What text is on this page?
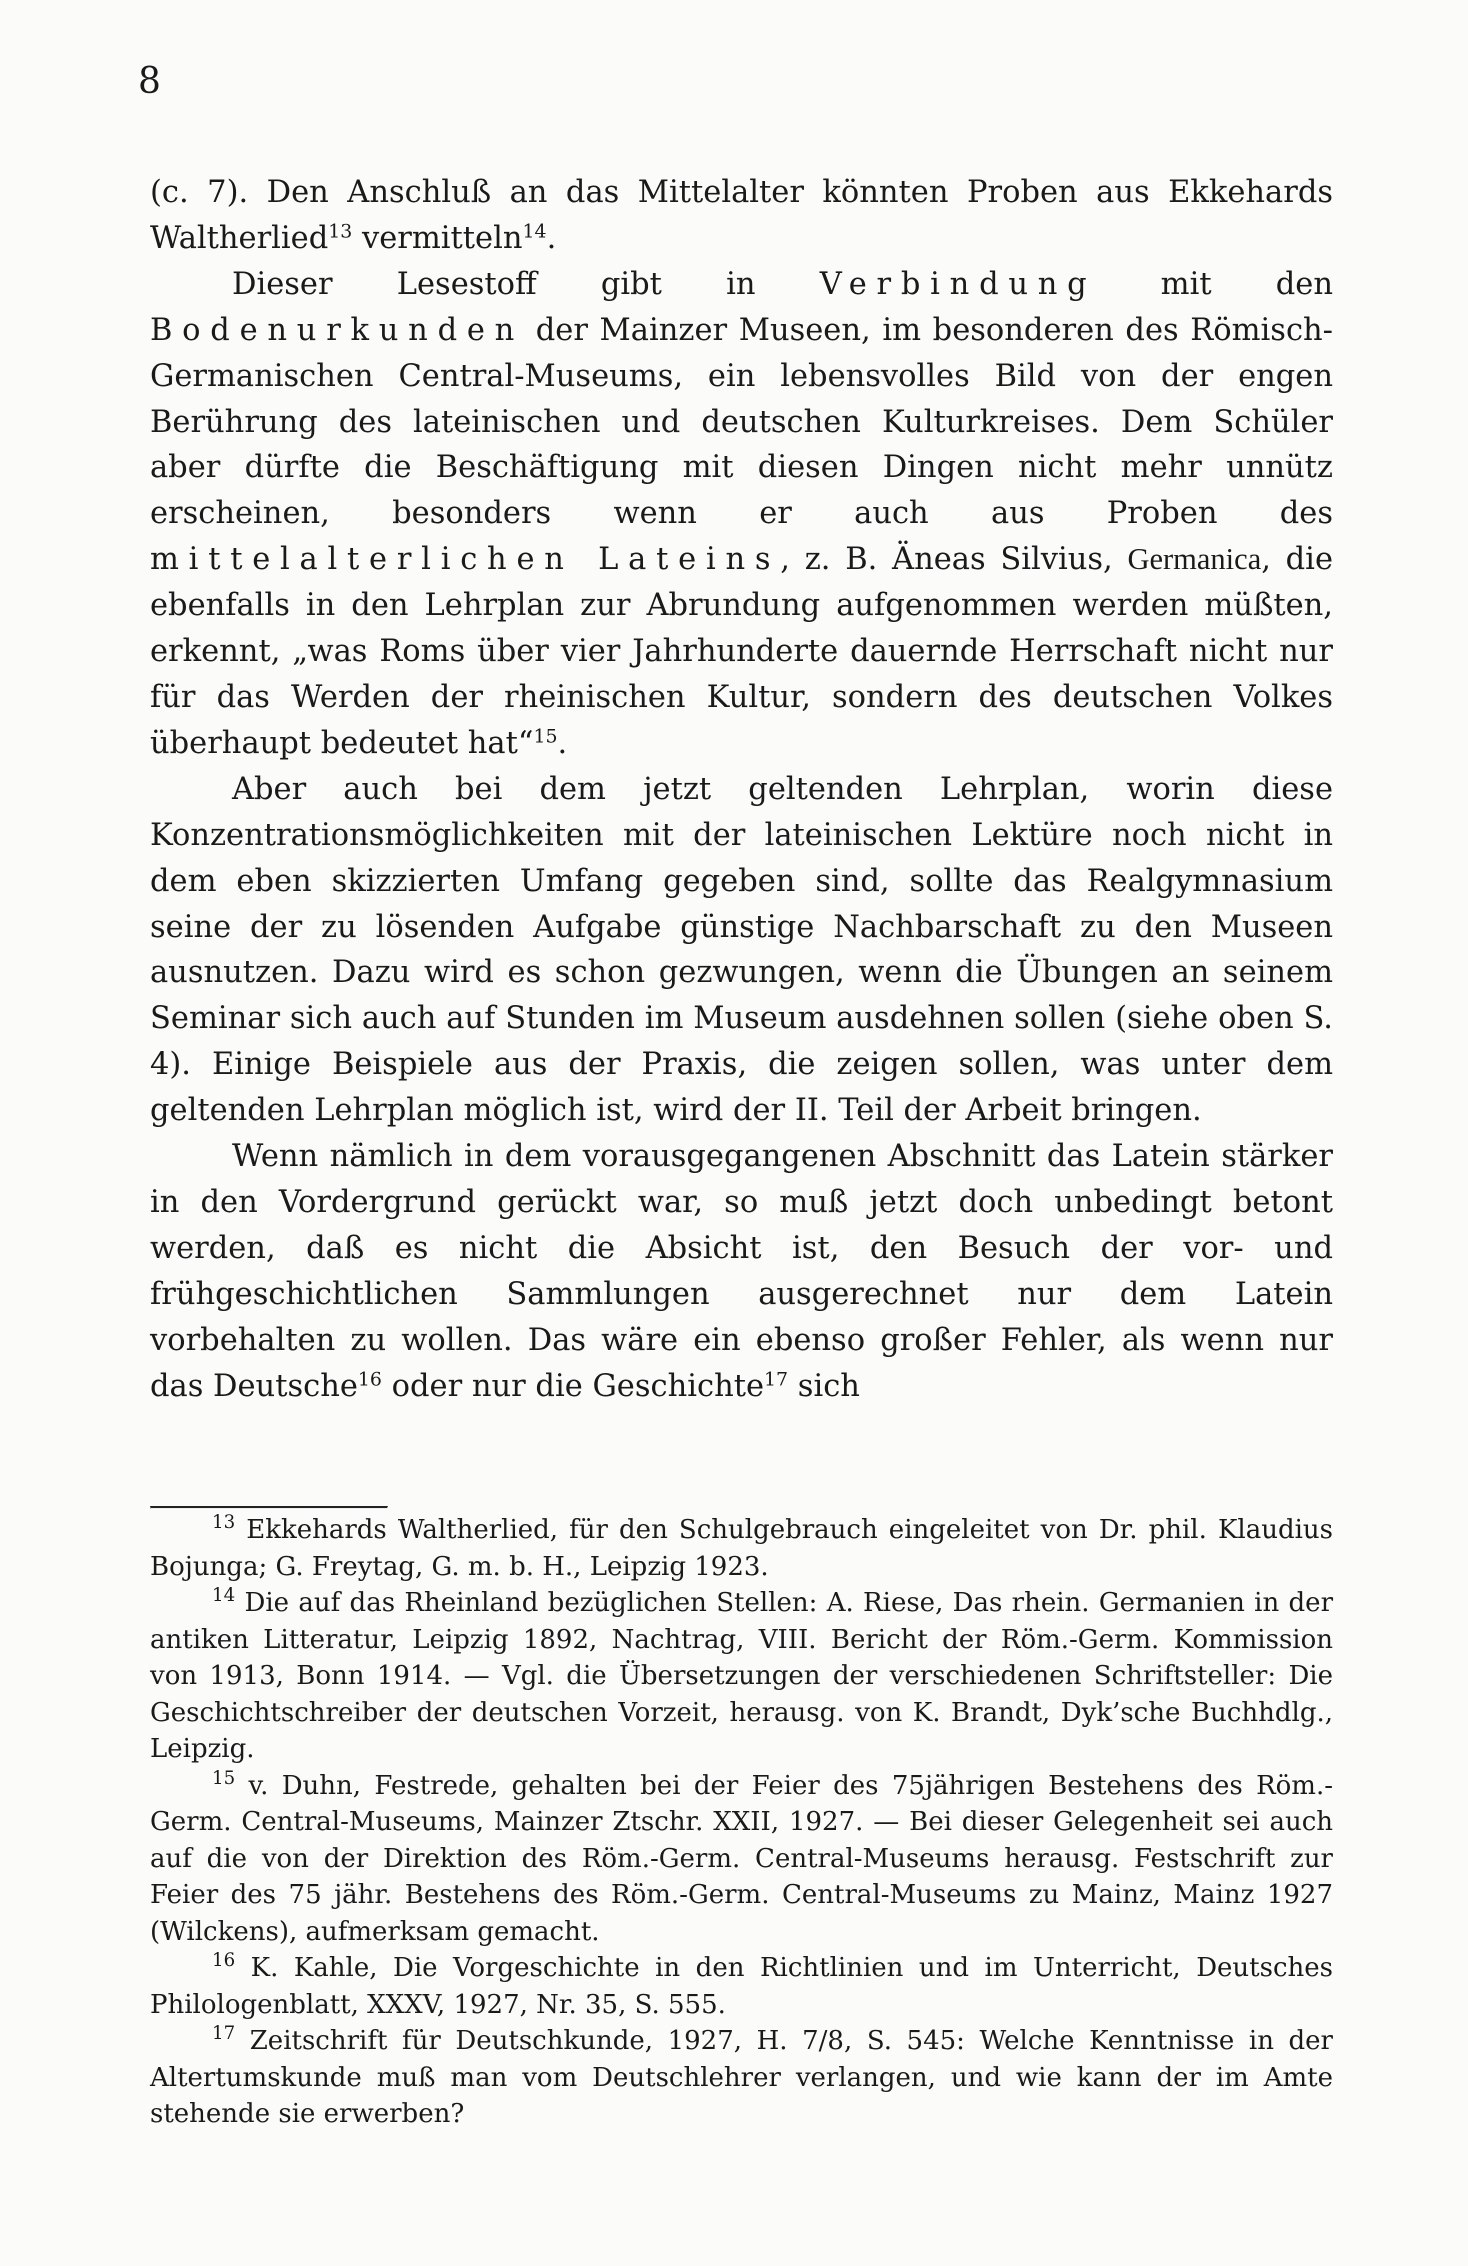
8

(c. 7). Den Anschluß an das Mittelalter könnten Proben aus Ekkehards Waltherlied$^{13}$ vermitteln$^{14}$.

Dieser Lesestoff gibt in Verbindung mit den Bodenurkunden der Mainzer Museen, im besonderen des Römisch-Germanischen Central-Museums, ein lebensvolles Bild von der engen Berührung des lateinischen und deutschen Kulturkreises. Dem Schüler aber dürfte die Beschäftigung mit diesen Dingen nicht mehr unnütz erscheinen, besonders wenn er auch aus Proben des mittelalterlichen Lateins, z. B. Äneas Silvius, Germanica, die ebenfalls in den Lehrplan zur Abrundung aufgenommen werden müßten, erkennt, „was Roms über vier Jahrhunderte dauernde Herrschaft nicht nur für das Werden der rheinischen Kultur, sondern des deutschen Volkes überhaupt bedeutet hat“$^{15}$.

Aber auch bei dem jetzt geltenden Lehrplan, worin diese Konzentrationsmöglichkeiten mit der lateinischen Lektüre noch nicht in dem eben skizzierten Umfang gegeben sind, sollte das Realgymnasium seine der zu lösenden Aufgabe günstige Nachbarschaft zu den Museen ausnutzen. Dazu wird es schon gezwungen, wenn die Übungen an seinem Seminar sich auch auf Stunden im Museum ausdehnen sollen (siehe oben S. 4). Einige Beispiele aus der Praxis, die zeigen sollen, was unter dem geltenden Lehrplan möglich ist, wird der II. Teil der Arbeit bringen.

Wenn nämlich in dem vorausgegangenen Abschnitt das Latein stärker in den Vordergrund gerückt war, so muß jetzt doch unbedingt betont werden, daß es nicht die Absicht ist, den Besuch der vor- und frühgeschichtlichen Sammlungen ausgerechnet nur dem Latein vorbehalten zu wollen. Das wäre ein ebenso großer Fehler, als wenn nur das Deutsche$^{16}$ oder nur die Geschichte$^{17}$ sich

$^{13}$ Ekkehards Waltherlied, für den Schulgebrauch eingeleitet von Dr. phil. Klaudius Bojunga; G. Freytag, G. m. b. H., Leipzig 1923.

$^{14}$ Die auf das Rheinland bezüglichen Stellen: A. Riese, Das rhein. Germanien in der antiken Litteratur, Leipzig 1892, Nachtrag, VIII. Bericht der Röm.-Germ. Kommission von 1913, Bonn 1914. — Vgl. die Übersetzungen der verschiedenen Schriftsteller: Die Geschichtschreiber der deutschen Vorzeit, herausg. von K. Brandt, Dyk’sche Buchhdlg., Leipzig.

$^{15}$ v. Duhn, Festrede, gehalten bei der Feier des 75jährigen Bestehens des Röm.-Germ. Central-Museums, Mainzer Ztschr. XXII, 1927. — Bei dieser Gelegenheit sei auch auf die von der Direktion des Röm.-Germ. Central-Museums herausg. Festschrift zur Feier des 75 jähr. Bestehens des Röm.-Germ. Central-Museums zu Mainz, Mainz 1927 (Wilckens), aufmerksam gemacht.

$^{16}$ K. Kahle, Die Vorgeschichte in den Richtlinien und im Unterricht, Deutsches Philologenblatt, XXXV, 1927, Nr. 35, S. 555.

$^{17}$ Zeitschrift für Deutschkunde, 1927, H. 7/8, S. 545: Welche Kenntnisse in der Altertumskunde muß man vom Deutschlehrer verlangen, und wie kann der im Amte stehende sie erwerben?
